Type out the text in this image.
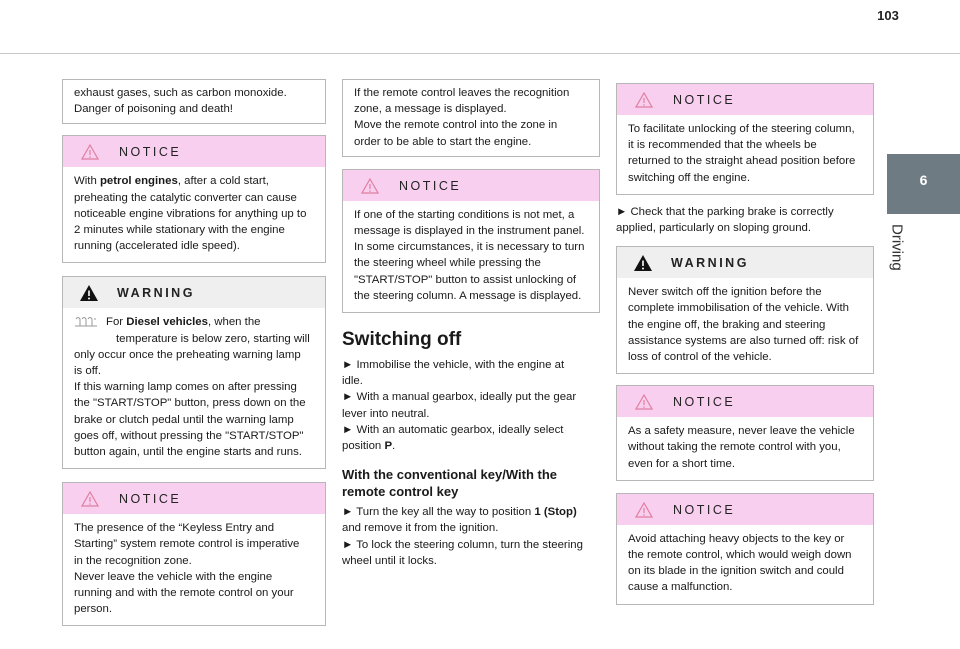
103
6
Driving
exhaust gases, such as carbon monoxide.
Danger of poisoning and death!
NOTICE
With petrol engines, after a cold start,
preheating the catalytic converter can cause
noticeable engine vibrations for anything up to
2 minutes while stationary with the engine
running (accelerated idle speed).
WARNING
For Diesel vehicles, when the
temperature is below zero, starting will
only occur once the preheating warning lamp
is off.
If this warning lamp comes on after pressing
the "START/STOP" button, press down on the
brake or clutch pedal until the warning lamp
goes off, without pressing the "START/STOP"
button again, until the engine starts and runs.
NOTICE
The presence of the “Keyless Entry and
Starting” system remote control is imperative
in the recognition zone.
Never leave the vehicle with the engine
running and with the remote control on your
person.
If the remote control leaves the recognition
zone, a message is displayed.
Move the remote control into the zone in
order to be able to start the engine.
NOTICE
If one of the starting conditions is not met, a
message is displayed in the instrument panel.
In some circumstances, it is necessary to turn
the steering wheel while pressing the
"START/STOP" button to assist unlocking of
the steering column. A message is displayed.
Switching off
► Immobilise the vehicle, with the engine at
idle.
► With a manual gearbox, ideally put the gear
lever into neutral.
► With an automatic gearbox, ideally select
position P.
With the conventional key/With the
remote control key
► Turn the key all the way to position 1 (Stop)
and remove it from the ignition.
► To lock the steering column, turn the steering
wheel until it locks.
NOTICE
To facilitate unlocking of the steering column,
it is recommended that the wheels be
returned to the straight ahead position before
switching off the engine.
► Check that the parking brake is correctly
applied, particularly on sloping ground.
WARNING
Never switch off the ignition before the
complete immobilisation of the vehicle. With
the engine off, the braking and steering
assistance systems are also turned off: risk of
loss of control of the vehicle.
NOTICE
As a safety measure, never leave the vehicle
without taking the remote control with you,
even for a short time.
NOTICE
Avoid attaching heavy objects to the key or
the remote control, which would weigh down
on its blade in the ignition switch and could
cause a malfunction.
